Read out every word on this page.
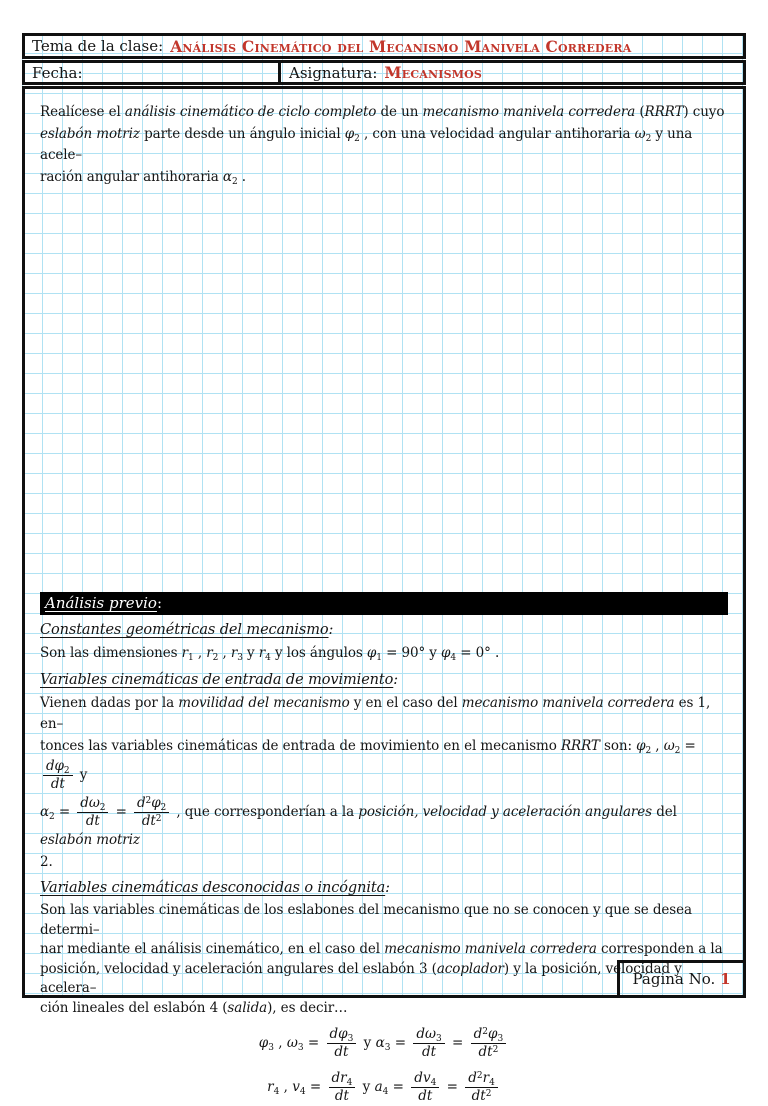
Tema de la clase: Análisis Cinemático del Mecanismo Manivela Corredera
Fecha:	Asignatura: Mecanismos

Realícese el análisis cinemático de ciclo completo de un mecanismo manivela corredera (RRRT) cuyo
eslabón motriz parte desde un ángulo inicial $\varphi_2$ , con una velocidad angular antihoraria $\omega_2$ y una acele–
ración angular antihoraria $\alpha_2$ .

Análisis previo:
Constantes geométricas del mecanismo:

Son las dimensiones $r_1$ , $r_2$ , $r_3$ y $r_4$ y los ángulos $\varphi_1 = 90^\circ$ y $\varphi_4 = 0^\circ$ .

Variables cinemáticas de entrada de movimiento:

Vienen dadas por la movilidad del mecanismo y en el caso del mecanismo manivela corredera es 1, en–
tonces las variables cinemáticas de entrada de movimiento en el mecanismo RRRT son: $\varphi_2$ , $\omega_2$ =
$\frac{d\varphi_2}{dt}$ y
$\alpha_2 = \frac{d\omega_2}{dt} = \frac{d^2\varphi_2}{dt^2}$ , que corresponderían a la posición, velocidad y aceleración angulares del eslabón motriz
2.

Variables cinemáticas desconocidas o incógnita:

Son las variables cinemáticas de los eslabones del mecanismo que no se conocen y que se desea determi–
nar mediante el análisis cinemático, en el caso del mecanismo manivela corredera corresponden a la
posición, velocidad y aceleración angulares del eslabón 3 (acoplador) y la posición, velocidad y acelera–
ción lineales del eslabón 4 (salida), es decir…

$\varphi_3$ , $\omega_3 = \frac{d\varphi_3}{dt}$ y $\alpha_3 = \frac{d\omega_3}{dt} = \frac{d^2\varphi_3}{dt^2}$
$r_4$ , $v_4 = \frac{dr_4}{dt}$ y $a_4 = \frac{dv_4}{dt} = \frac{d^2r_4}{dt^2}$
Página No.
1
